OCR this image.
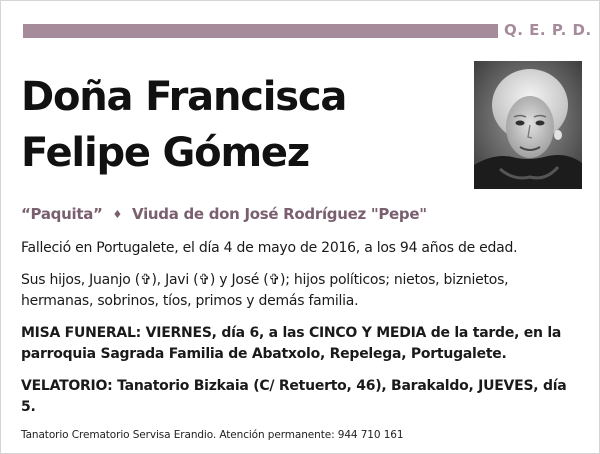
Q. E. P. D.
Doña Francisca
Felipe Gómez
“Paquita” ♦ Viuda de don José Rodríguez "Pepe"

Falleció en Portugalete, el día 4 de mayo de 2016, a los 94 años de edad.

Sus hijos, Juanjo (✞), Javi (✞) y José (✞); hijos políticos; nietos, biznietos, hermanas, sobrinos, tíos, primos y demás familia.

MISA FUNERAL: VIERNES, día 6, a las CINCO Y MEDIA de la tarde, en la parroquia Sagrada Familia de Abatxolo, Repelega, Portugalete.

VELATORIO: Tanatorio Bizkaia (C/ Retuerto, 46), Barakaldo, JUEVES, día 5.

Tanatorio Crematorio Servisa Erandio. Atención permanente: 944 710 161
